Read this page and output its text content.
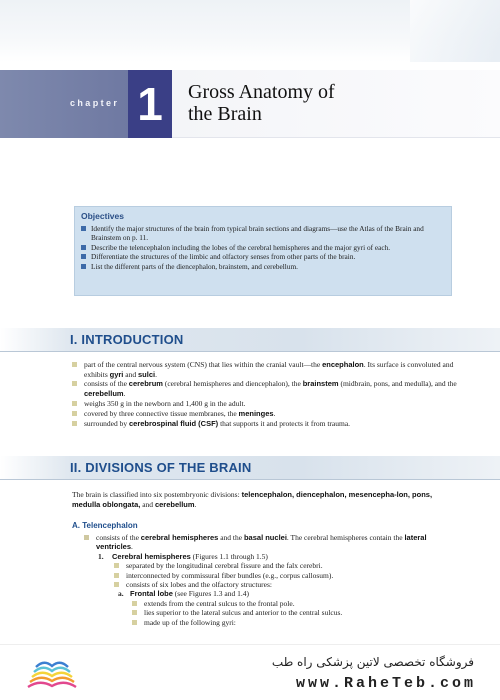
chapter 1	Gross Anatomy of
the Brain
Objectives
Identify the major structures of the brain from typical brain sections and diagrams—use the Atlas of the Brain and Brainstem on p. 11.
Describe the telencephalon including the lobes of the cerebral hemispheres and the major gyri of each.
Differentiate the structures of the limbic and olfactory senses from other parts of the brain.
List the different parts of the diencephalon, brainstem, and cerebellum.
I. INTRODUCTION
part of the central nervous system (CNS) that lies within the cranial vault—the encephalon. Its surface is convoluted and exhibits gyri and sulci.
consists of the cerebrum (cerebral hemispheres and diencephalon), the brainstem (midbrain, pons, and medulla), and the cerebellum.
weighs 350 g in the newborn and 1,400 g in the adult.
covered by three connective tissue membranes, the meninges.
surrounded by cerebrospinal fluid (CSF) that supports it and protects it from trauma.
II. DIVISIONS OF THE BRAIN
The brain is classified into six postembryonic divisions: telencephalon, diencephalon, mesencepha-lon, pons, medulla oblongata, and cerebellum.
A. Telencephalon
consists of the cerebral hemispheres and the basal nuclei. The cerebral hemispheres contain the lateral ventricles.
1. Cerebral hemispheres (Figures 1.1 through 1.5)
separated by the longitudinal cerebral fissure and the falx cerebri.
interconnected by commissural fiber bundles (e.g., corpus callosum).
consists of six lobes and the olfactory structures:
a. Frontal lobe (see Figures 1.3 and 1.4)
extends from the central sulcus to the frontal pole.
lies superior to the lateral sulcus and anterior to the central sulcus.
made up of the following gyri:
فروشگاه تخصصی لاتین پزشکی راه طب
www.RaheTeb.com
